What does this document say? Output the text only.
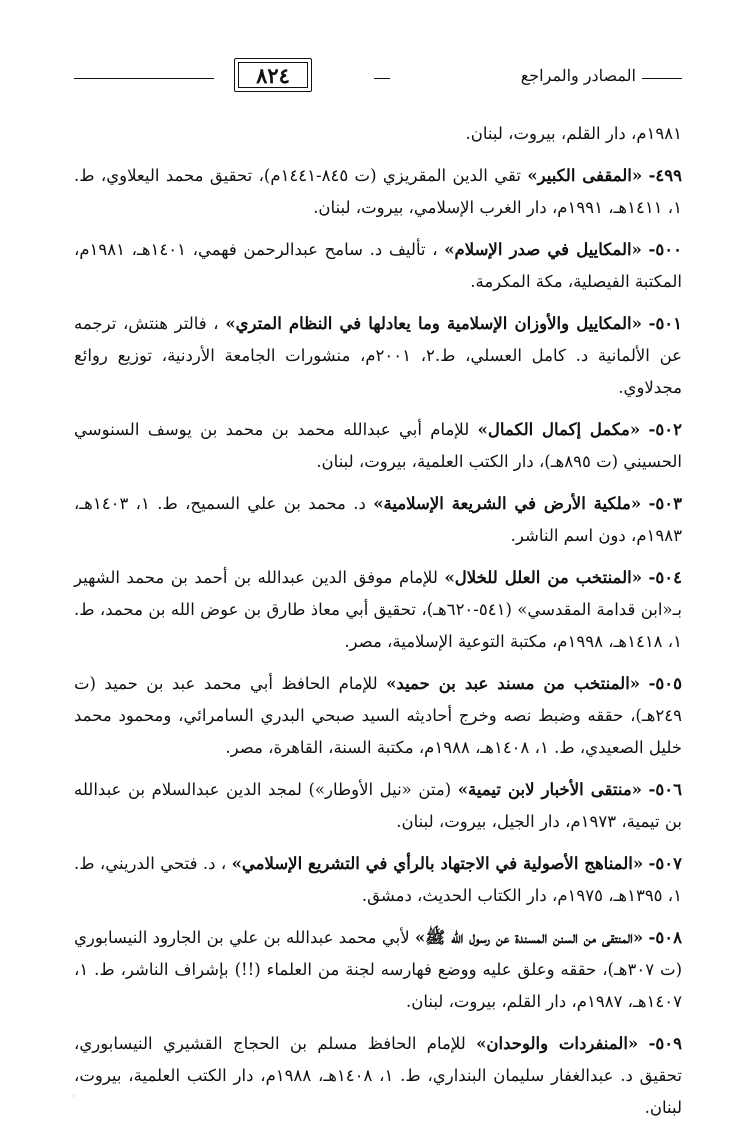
٨٢٤	المصادر والمراجع

١٩٨١م، دار القلم، بيروت، لبنان.

٤٩٩- «المقفى الكبير» تقي الدين المقريزي (ت ٨٤٥-١٤٤١م)، تحقيق محمد اليعلاوي، ط. ١، ١٤١١هـ، ١٩٩١م، دار الغرب الإسلامي، بيروت، لبنان.

٥٠٠- «المكاييل في صدر الإسلام» ، تأليف د. سامح عبدالرحمن فهمي، ١٤٠١هـ، ١٩٨١م، المكتبة الفيصلية، مكة المكرمة.

٥٠١- «المكاييل والأوزان الإسلامية وما يعادلها في النظام المتري» ، فالتر هنتش، ترجمه عن الألمانية د. كامل العسلي، ط.٢، ٢٠٠١م، منشورات الجامعة الأردنية، توزيع روائع مجدلاوي.

٥٠٢- «مكمل إكمال الكمال» للإمام أبي عبدالله محمد بن محمد بن يوسف السنوسي الحسيني (ت ٨٩٥هـ)، دار الكتب العلمية، بيروت، لبنان.

٥٠٣- «ملكية الأرض في الشريعة الإسلامية» د. محمد بن علي السميح، ط. ١، ١٤٠٣هـ، ١٩٨٣م، دون اسم الناشر.

٥٠٤- «المنتخب من العلل للخلال» للإمام موفق الدين عبدالله بن أحمد بن محمد الشهير بـ«ابن قدامة المقدسي» (٥٤١-٦٢٠هـ)، تحقيق أبي معاذ طارق بن عوض الله بن محمد، ط. ١، ١٤١٨هـ، ١٩٩٨م، مكتبة التوعية الإسلامية، مصر.

٥٠٥- «المنتخب من مسند عبد بن حميد» للإمام الحافظ أبي محمد عبد بن حميد (ت ٢٤٩هـ)، حققه وضبط نصه وخرج أحاديثه السيد صبحي البدري السامرائي، ومحمود محمد خليل الصعيدي، ط. ١، ١٤٠٨هـ، ١٩٨٨م، مكتبة السنة، القاهرة، مصر.

٥٠٦- «منتقى الأخبار لابن تيمية» (متن «نيل الأوطار») لمجد الدين عبدالسلام بن عبدالله بن تيمية، ١٩٧٣م، دار الجيل، بيروت، لبنان.

٥٠٧- «المناهج الأصولية في الاجتهاد بالرأي في التشريع الإسلامي» ، د. فتحي الدريني، ط. ١، ١٣٩٥هـ، ١٩٧٥م، دار الكتاب الحديث، دمشق.

٥٠٨- «المنتقى من السنن المسندة عن رسول الله ﷺ» لأبي محمد عبدالله بن علي بن الجارود النيسابوري (ت ٣٠٧هـ)، حققه وعلق عليه ووضع فهارسه لجنة من العلماء (!!) بإشراف الناشر، ط. ١، ١٤٠٧هـ، ١٩٨٧م، دار القلم، بيروت، لبنان.

٥٠٩- «المنفردات والوحدان» للإمام الحافظ مسلم بن الحجاج القشيري النيسابوري، تحقيق د. عبدالغفار سليمان البنداري، ط. ١، ١٤٠٨هـ، ١٩٨٨م، دار الكتب العلمية، بيروت، لبنان.

·
